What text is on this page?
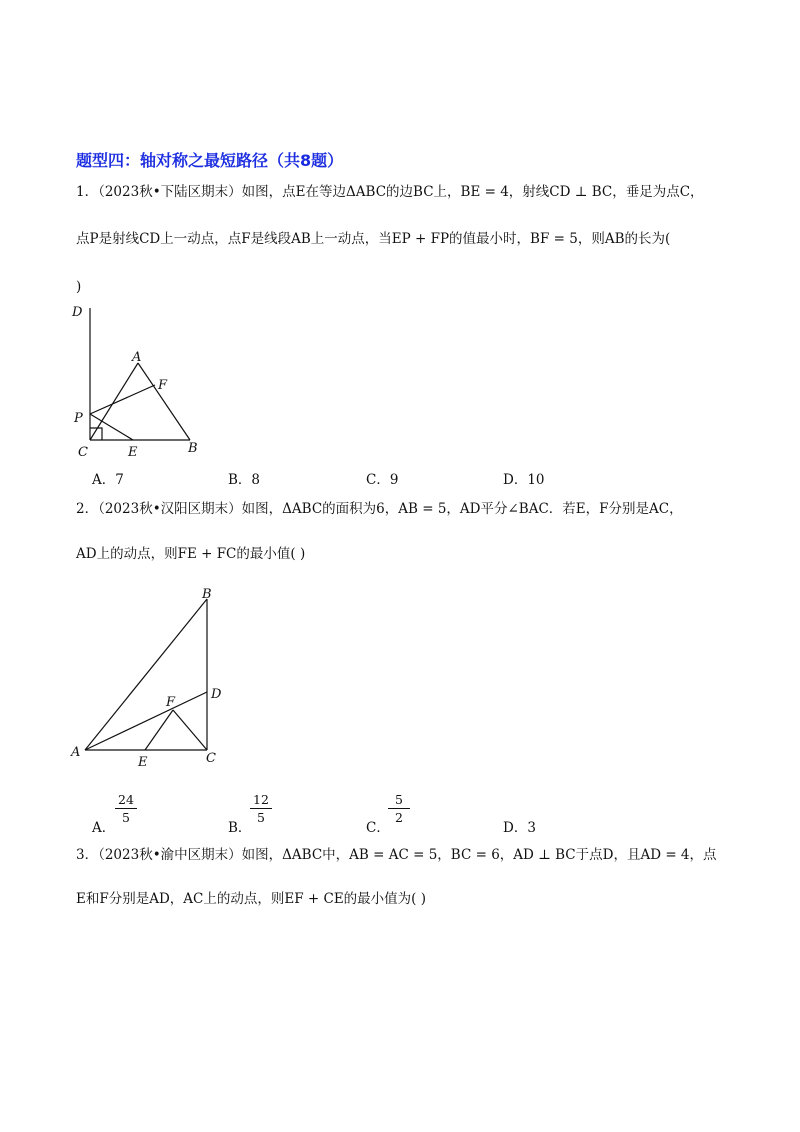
题型四：轴对称之最短路径（共8题）
1．（2023秋•下陆区期末）如图，点E在等边ΔABC的边BC上，BE = 4，射线CD ⊥ BC，垂足为点C，
点P是射线CD上一动点，点F是线段AB上一动点，当EP + FP的值最小时，BF = 5，则AB的长为(
)
D
A
F
P
C	E	B
A．7	B．8	C．9	D．10
2．（2023秋•汉阳区期末）如图，ΔABC的面积为6，AB = 5，AD平分∠BAC．若E，F分别是AC，
AD上的动点，则FE + FC的最小值( )
B
D
F
A
E	C
A．
$\frac{24}{5}$
B．
$\frac{12}{5}$
C．
$\frac{5}{2}$
D．3
3．（2023秋•渝中区期末）如图，ΔABC中，AB = AC = 5，BC = 6，AD ⊥ BC于点D，且AD = 4，点
E和F分别是AD，AC上的动点，则EF + CE的最小值为( )
